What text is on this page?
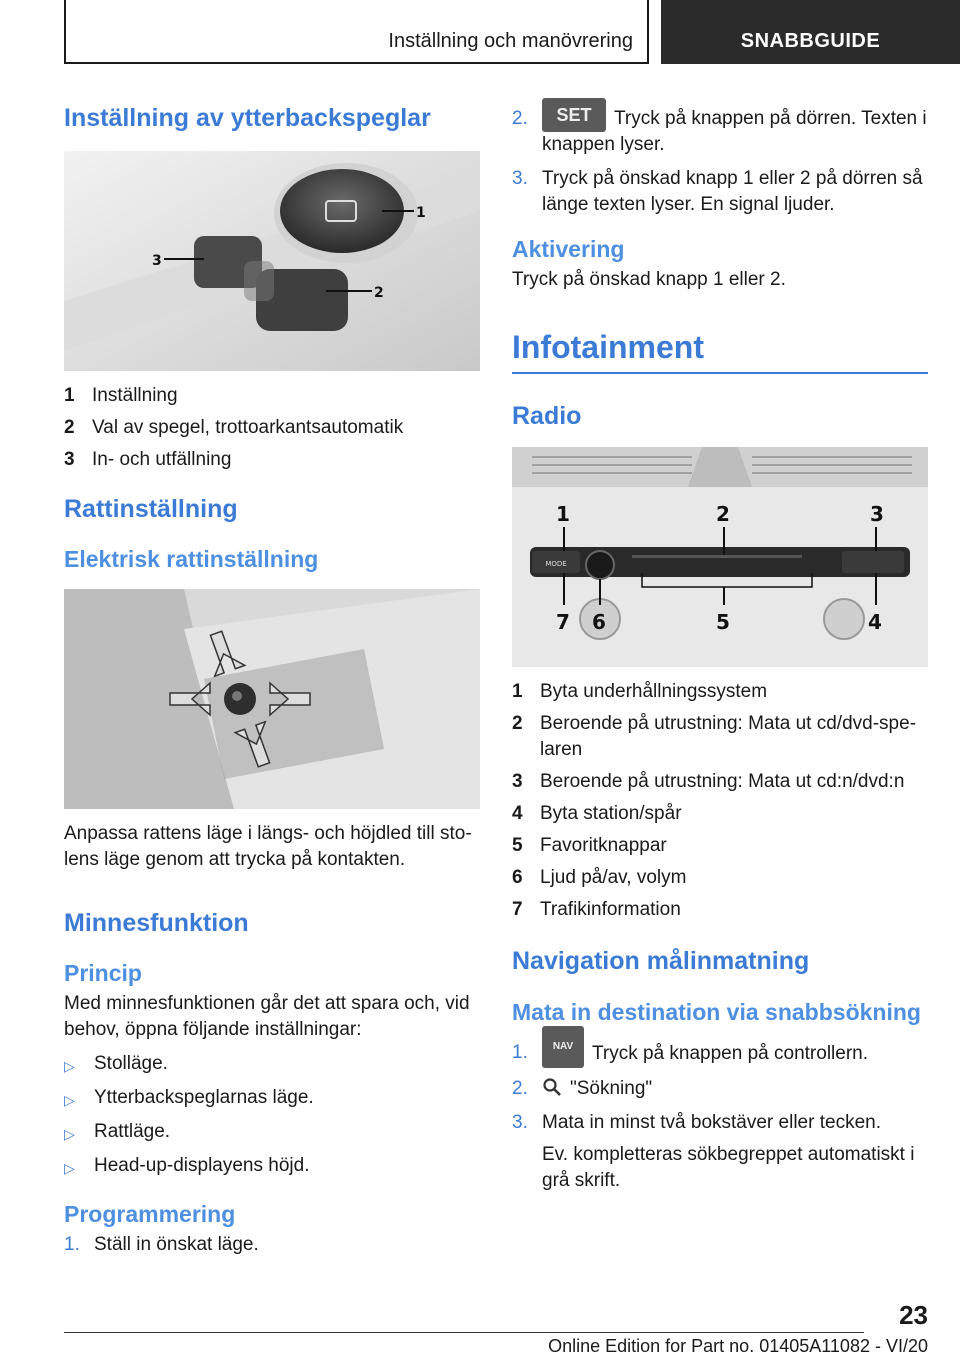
Inställning och manövrering	SNABBGUIDE
Inställning av ytterbackspeglar
1
2
3
1 Inställning
2 Val av spegel, trottoarkantsautomatik
3 In- och utfällning
Rattinställning
Elektrisk rattinställning

Anpassa rattens läge i längs- och höjdled till stolens läge genom att trycka på kontakten.

Minnesfunktion
Princip

Med minnesfunktionen går det att spara och, vid behov, öppna följande inställningar:

▷	Stolläge.
▷	Ytterbackspeglarnas läge.
▷	Rattläge.
▷	Head-up-displayens höjd.
Programmering
1. Ställ in önskat läge.
2.	SET Tryck på knappen på dörren. Texten i knappen lyser.
3. Tryck på önskad knapp 1 eller 2 på dörren så länge texten lyser. En signal ljuder.
Aktivering

Tryck på önskad knapp 1 eller 2.

Infotainment
Radio
MODE
1	2	3
4
5
6
7
1 Byta underhållningssystem
2 Beroende på utrustning: Mata ut cd/dvd-spelaren
3 Beroende på utrustning: Mata ut cd:n/dvd:n
4 Byta station/spår
5 Favoritknappar
6 Ljud på/av, volym
7 Trafikinformation
Navigation målinmatning
Mata in destination via snabbsökning
1.	NAV Tryck på knappen på controllern.
2.	"Sökning"
3. Mata in minst två bokstäver eller tecken.

Ev. kompletteras sökbegreppet automatiskt i grå skrift.

23
Online Edition for Part no. 01405A11082 - VI/20
